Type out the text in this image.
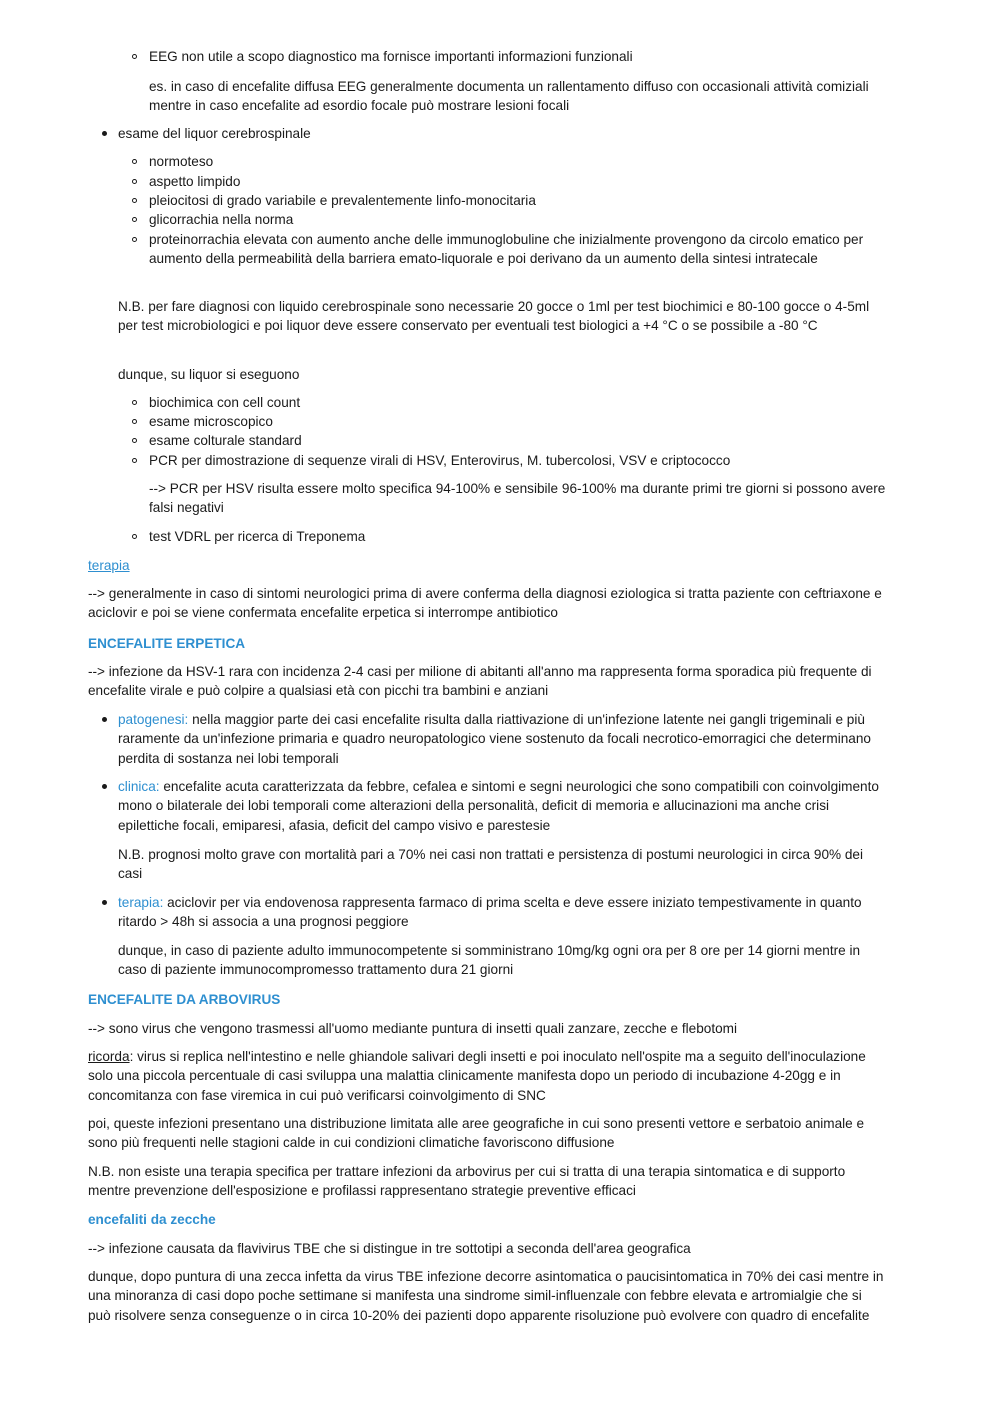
EEG non utile a scopo diagnostico ma fornisce importanti informazioni funzionali

es. in caso di encefalite diffusa EEG generalmente documenta un rallentamento diffuso con occasionali attività comiziali mentre in caso encefalite ad esordio focale può mostrare lesioni focali

esame del liquor cerebrospinale

normoteso

aspetto limpido

pleiocitosi di grado variabile e prevalentemente linfo-monocitaria

glicorrachia nella norma

proteinorrachia elevata con aumento anche delle immunoglobuline che inizialmente provengono da circolo ematico per aumento della permeabilità della barriera emato-liquorale e poi derivano da un aumento della sintesi intratecale

N.B. per fare diagnosi con liquido cerebrospinale sono necessarie 20 gocce o 1ml per test biochimici e 80-100 gocce o 4-5ml per test microbiologici e poi liquor deve essere conservato per eventuali test biologici a +4 °C o se possibile a -80 °C

dunque, su liquor si eseguono

biochimica con cell count

esame microscopico

esame colturale standard

PCR per dimostrazione di sequenze virali di HSV, Enterovirus, M. tubercolosi, VSV e criptococco

--> PCR per HSV risulta essere molto specifica 94-100% e sensibile 96-100% ma durante primi tre giorni si possono avere falsi negativi

test VDRL per ricerca di Treponema

terapia

--> generalmente in caso di sintomi neurologici prima di avere conferma della diagnosi eziologica si tratta paziente con ceftriaxone e aciclovir e poi se viene confermata encefalite erpetica si interrompe antibiotico

ENCEFALITE ERPETICA

--> infezione da HSV-1 rara con incidenza 2-4 casi per milione di abitanti all'anno ma rappresenta forma sporadica più frequente di encefalite virale e può colpire a qualsiasi età con picchi tra bambini e anziani

patogenesi: nella maggior parte dei casi encefalite risulta dalla riattivazione di un'infezione latente nei gangli trigeminali e più raramente da un'infezione primaria e quadro neuropatologico viene sostenuto da focali necrotico-emorragici che determinano perdita di sostanza nei lobi temporali

clinica: encefalite acuta caratterizzata da febbre, cefalea e sintomi e segni neurologici che sono compatibili con coinvolgimento mono o bilaterale dei lobi temporali come alterazioni della personalità, deficit di memoria e allucinazioni ma anche crisi epilettiche focali, emiparesi, afasia, deficit del campo visivo e parestesie

N.B. prognosi molto grave con mortalità pari a 70% nei casi non trattati e persistenza di postumi neurologici in circa 90% dei casi

terapia: aciclovir per via endovenosa rappresenta farmaco di prima scelta e deve essere iniziato tempestivamente in quanto ritardo > 48h si associa a una prognosi peggiore

dunque, in caso di paziente adulto immunocompetente si somministrano 10mg/kg ogni ora per 8 ore per 14 giorni mentre in caso di paziente immunocompromesso trattamento dura 21 giorni

ENCEFALITE DA ARBOVIRUS

--> sono virus che vengono trasmessi all'uomo mediante puntura di insetti quali zanzare, zecche e flebotomi

ricorda: virus si replica nell'intestino e nelle ghiandole salivari degli insetti e poi inoculato nell'ospite ma a seguito dell'inoculazione solo una piccola percentuale di casi sviluppa una malattia clinicamente manifesta dopo un periodo di incubazione 4-20gg e in concomitanza con fase viremica in cui può verificarsi coinvolgimento di SNC

poi, queste infezioni presentano una distribuzione limitata alle aree geografiche in cui sono presenti vettore e serbatoio animale e sono più frequenti nelle stagioni calde in cui condizioni climatiche favoriscono diffusione

N.B. non esiste una terapia specifica per trattare infezioni da arbovirus per cui si tratta di una terapia sintomatica e di supporto mentre prevenzione dell'esposizione e profilassi rappresentano strategie preventive efficaci

encefaliti da zecche

--> infezione causata da flavivirus TBE che si distingue in tre sottotipi a seconda dell'area geografica

dunque, dopo puntura di una zecca infetta da virus TBE infezione decorre asintomatica o paucisintomatica in 70% dei casi mentre in una minoranza di casi dopo poche settimane si manifesta una sindrome simil-influenzale con febbre elevata e artromialgie che si può risolvere senza conseguenze o in circa 10-20% dei pazienti dopo apparente risoluzione può evolvere con quadro di encefalite
